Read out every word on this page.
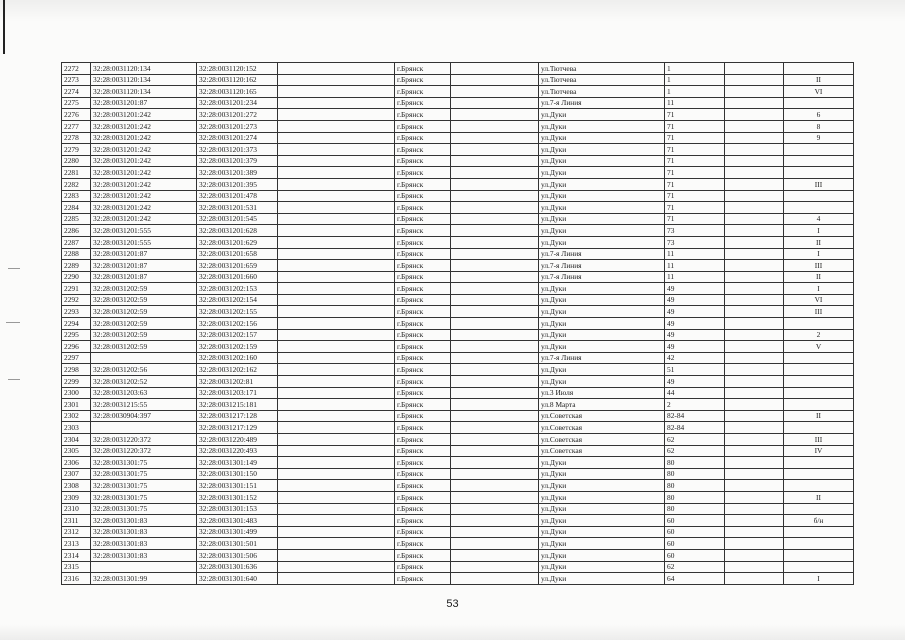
2272	32:28:0031120:134	32:28:0031120:152		г.Брянск		ул.Тютчева	1		
2273	32:28:0031120:134	32:28:0031120:162		г.Брянск		ул.Тютчева	1		II
2274	32:28:0031120:134	32:28:0031120:165		г.Брянск		ул.Тютчева	1		VI
2275	32:28:0031201:87	32:28:0031201:234		г.Брянск		ул.7-я Линия	11		
2276	32:28:0031201:242	32:28:0031201:272		г.Брянск		ул.Дуки	71		6
2277	32:28:0031201:242	32:28:0031201:273		г.Брянск		ул.Дуки	71		8
2278	32:28:0031201:242	32:28:0031201:274		г.Брянск		ул.Дуки	71		9
2279	32:28:0031201:242	32:28:0031201:373		г.Брянск		ул.Дуки	71		
2280	32:28:0031201:242	32:28:0031201:379		г.Брянск		ул.Дуки	71		
2281	32:28:0031201:242	32:28:0031201:389		г.Брянск		ул.Дуки	71		
2282	32:28:0031201:242	32:28:0031201:395		г.Брянск		ул.Дуки	71		III
2283	32:28:0031201:242	32:28:0031201:478		г.Брянск		ул.Дуки	71		
2284	32:28:0031201:242	32:28:0031201:531		г.Брянск		ул.Дуки	71		
2285	32:28:0031201:242	32:28:0031201:545		г.Брянск		ул.Дуки	71		4
2286	32:28:0031201:555	32:28:0031201:628		г.Брянск		ул.Дуки	73		I
2287	32:28:0031201:555	32:28:0031201:629		г.Брянск		ул.Дуки	73		II
2288	32:28:0031201:87	32:28:0031201:658		г.Брянск		ул.7-я Линия	11		I
2289	32:28:0031201:87	32:28:0031201:659		г.Брянск		ул.7-я Линия	11		III
2290	32:28:0031201:87	32:28:0031201:660		г.Брянск		ул.7-я Линия	11		II
2291	32:28:0031202:59	32:28:0031202:153		г.Брянск		ул.Дуки	49		I
2292	32:28:0031202:59	32:28:0031202:154		г.Брянск		ул.Дуки	49		VI
2293	32:28:0031202:59	32:28:0031202:155		г.Брянск		ул.Дуки	49		III
2294	32:28:0031202:59	32:28:0031202:156		г.Брянск		ул.Дуки	49		
2295	32:28:0031202:59	32:28:0031202:157		г.Брянск		ул.Дуки	49		2
2296	32:28:0031202:59	32:28:0031202:159		г.Брянск		ул.Дуки	49		V
2297		32:28:0031202:160		г.Брянск		ул.7-я Линия	42		
2298	32:28:0031202:56	32:28:0031202:162		г.Брянск		ул.Дуки	51		
2299	32:28:0031202:52	32:28:0031202:81		г.Брянск		ул.Дуки	49		
2300	32:28:0031203:63	32:28:0031203:171		г.Брянск		ул.3 Июля	44		
2301	32:28:0031215:55	32:28:0031215:181		г.Брянск		ул.8 Марта	2		
2302	32:28:0030904:397	32:28:0031217:128		г.Брянск		ул.Советская	82-84		II
2303		32:28:0031217:129		г.Брянск		ул.Советская	82-84		
2304	32:28:0031220:372	32:28:0031220:489		г.Брянск		ул.Советская	62		III
2305	32:28:0031220:372	32:28:0031220:493		г.Брянск		ул.Советская	62		IV
2306	32:28:0031301:75	32:28:0031301:149		г.Брянск		ул.Дуки	80		
2307	32:28:0031301:75	32:28:0031301:150		г.Брянск		ул.Дуки	80		
2308	32:28:0031301:75	32:28:0031301:151		г.Брянск		ул.Дуки	80		
2309	32:28:0031301:75	32:28:0031301:152		г.Брянск		ул.Дуки	80		II
2310	32:28:0031301:75	32:28:0031301:153		г.Брянск		ул.Дуки	80		
2311	32:28:0031301:83	32:28:0031301:483		г.Брянск		ул.Дуки	60		б/н
2312	32:28:0031301:83	32:28:0031301:499		г.Брянск		ул.Дуки	60		
2313	32:28:0031301:83	32:28:0031301:501		г.Брянск		ул.Дуки	60		
2314	32:28:0031301:83	32:28:0031301:506		г.Брянск		ул.Дуки	60		
2315		32:28:0031301:636		г.Брянск		ул.Дуки	62		
2316	32:28:0031301:99	32:28:0031301:640		г.Брянск		ул.Дуки	64		I
53
